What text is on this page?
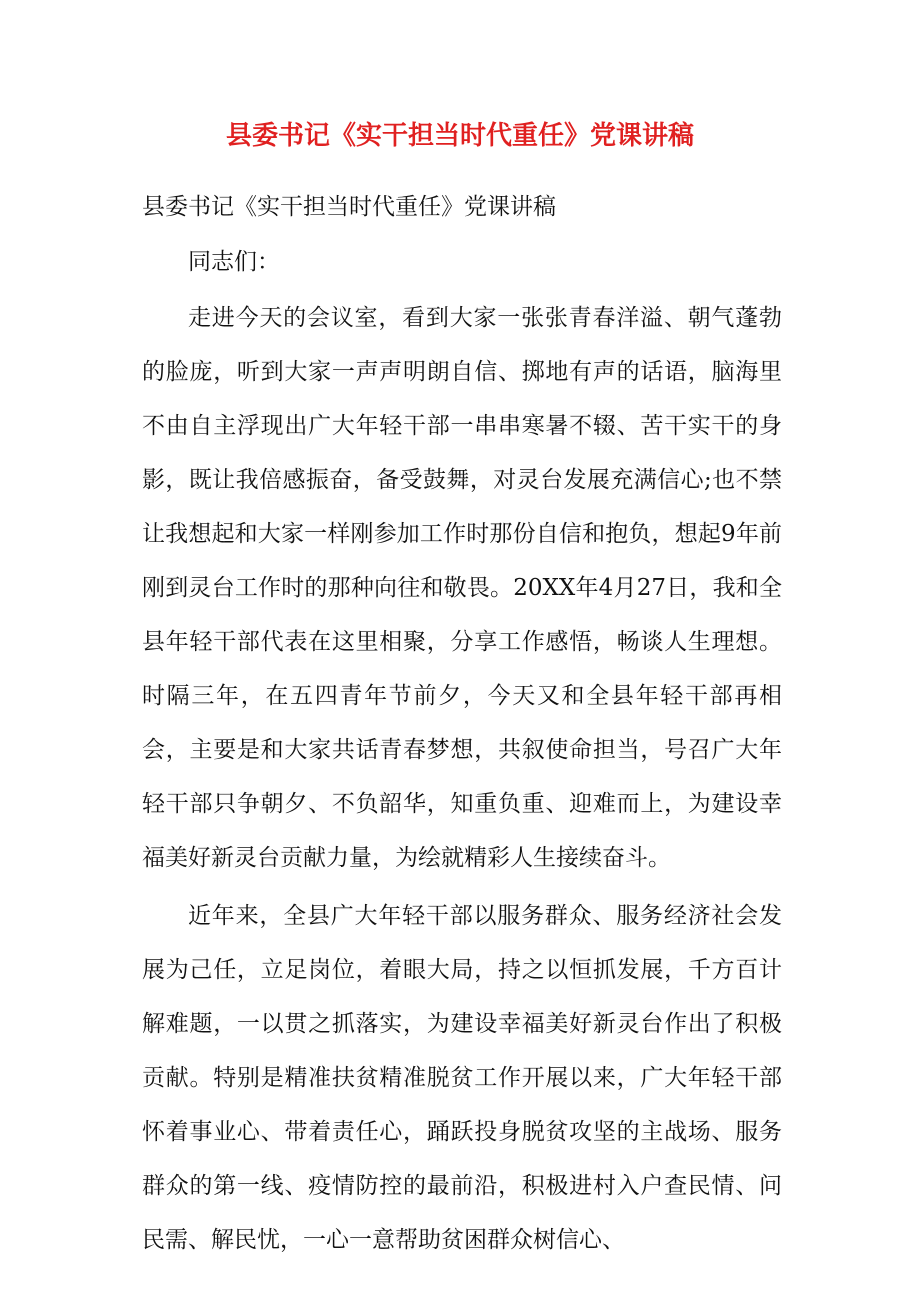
县委书记《实干担当时代重任》党课讲稿

县委书记《实干担当时代重任》党课讲稿

同志们：

走进今天的会议室，看到大家一张张青春洋溢、朝气蓬勃的脸庞，听到大家一声声明朗自信、掷地有声的话语，脑海里不由自主浮现出广大年轻干部一串串寒暑不辍、苦干实干的身影，既让我倍感振奋，备受鼓舞，对灵台发展充满信心;也不禁让我想起和大家一样刚参加工作时那份自信和抱负，想起9年前刚到灵台工作时的那种向往和敬畏。20XX年4月27日，我和全县年轻干部代表在这里相聚，分享工作感悟，畅谈人生理想。时隔三年，在五四青年节前夕，今天又和全县年轻干部再相会，主要是和大家共话青春梦想，共叙使命担当，号召广大年轻干部只争朝夕、不负韶华，知重负重、迎难而上，为建设幸福美好新灵台贡献力量，为绘就精彩人生接续奋斗。

近年来，全县广大年轻干部以服务群众、服务经济社会发展为己任，立足岗位，着眼大局，持之以恒抓发展，千方百计解难题，一以贯之抓落实，为建设幸福美好新灵台作出了积极贡献。特别是精准扶贫精准脱贫工作开展以来，广大年轻干部怀着事业心、带着责任心，踊跃投身脱贫攻坚的主战场、服务群众的第一线、疫情防控的最前沿，积极进村入户查民情、问民需、解民忧，一心一意帮助贫困群众树信心、
